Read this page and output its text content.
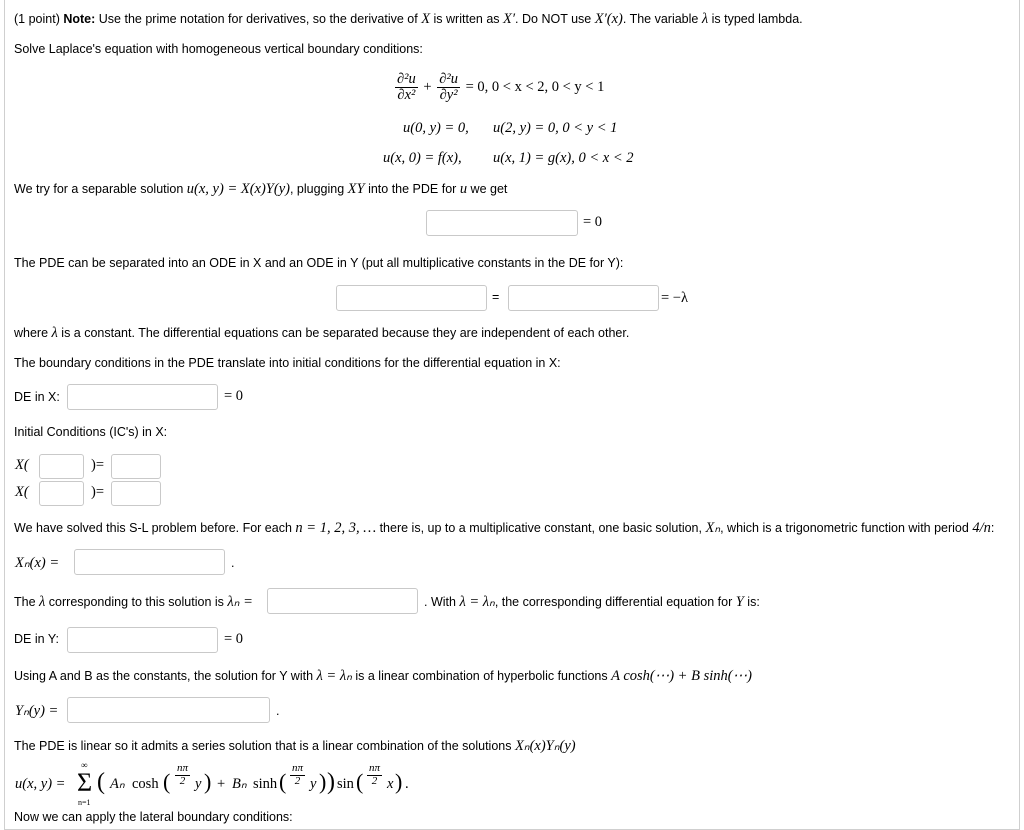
(1 point) Note: Use the prime notation for derivatives, so the derivative of X is written as X′. Do NOT use X′(x). The variable λ is typed lambda.
Solve Laplace's equation with homogeneous vertical boundary conditions:
$\frac{\text{∂²u}}{\text{∂x²}} + \frac{\text{∂²u}}{\text{∂y²}} = 0$, 0 < x < 2, 0 < y < 1
u(0, y) = 0, u(2, y) = 0, 0 < y < 1
u(x, 0) = f(x), u(x, 1) = g(x), 0 < x < 2
We try for a separable solution u(x, y) = X(x)Y(y), plugging XY into the PDE for u we get
= 0
The PDE can be separated into an ODE in X and an ODE in Y (put all multiplicative constants in the DE for Y):
=	= −λ
where λ is a constant. The differential equations can be separated because they are independent of each other.
The boundary conditions in the PDE translate into initial conditions for the differential equation in X:
DE in X:	= 0
Initial Conditions (IC's) in X:
X(	)=
X(	)=
We have solved this S-L problem before. For each n = 1, 2, 3, … there is, up to a multiplicative constant, one basic solution, Xₙ, which is a trigonometric function with period 4/n:
Xₙ(x) =	.
The λ corresponding to this solution is λₙ =	. With λ = λₙ, the corresponding differential equation for Y is:
DE in Y:	= 0
Using A and B as the constants, the solution for Y with λ = λₙ is a linear combination of hyperbolic functions A cosh(⋯) + B sinh(⋯)
Yₙ(y) =	.
The PDE is linear so it admits a series solution that is a linear combination of the solutions Xₙ(x)Yₙ(y)
u(x, y) =
∞
Σ
n=1
( Aₙ cosh ( $\frac{n\pi}{2}$ y ) + Bₙ sinh ( $\frac{n\pi}{2}$ y ) ) sin ( $\frac{n\pi}{2}$ x ) .
Now we can apply the lateral boundary conditions:
